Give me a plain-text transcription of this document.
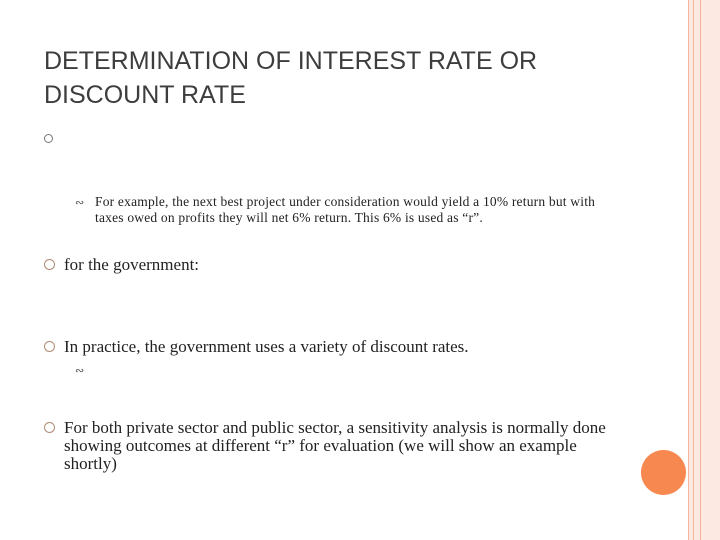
DETERMINATION OF INTEREST RATE OR DISCOUNT RATE
∾ For example, the next best project under consideration would yield a 10% return but with taxes owed on profits they will net 6% return. This 6% is used as “r”.
for the government:
In practice, the government uses a variety of discount rates.
∾
For both private sector and public sector, a sensitivity analysis is normally done showing outcomes at different “r” for evaluation (we will show an example shortly)
